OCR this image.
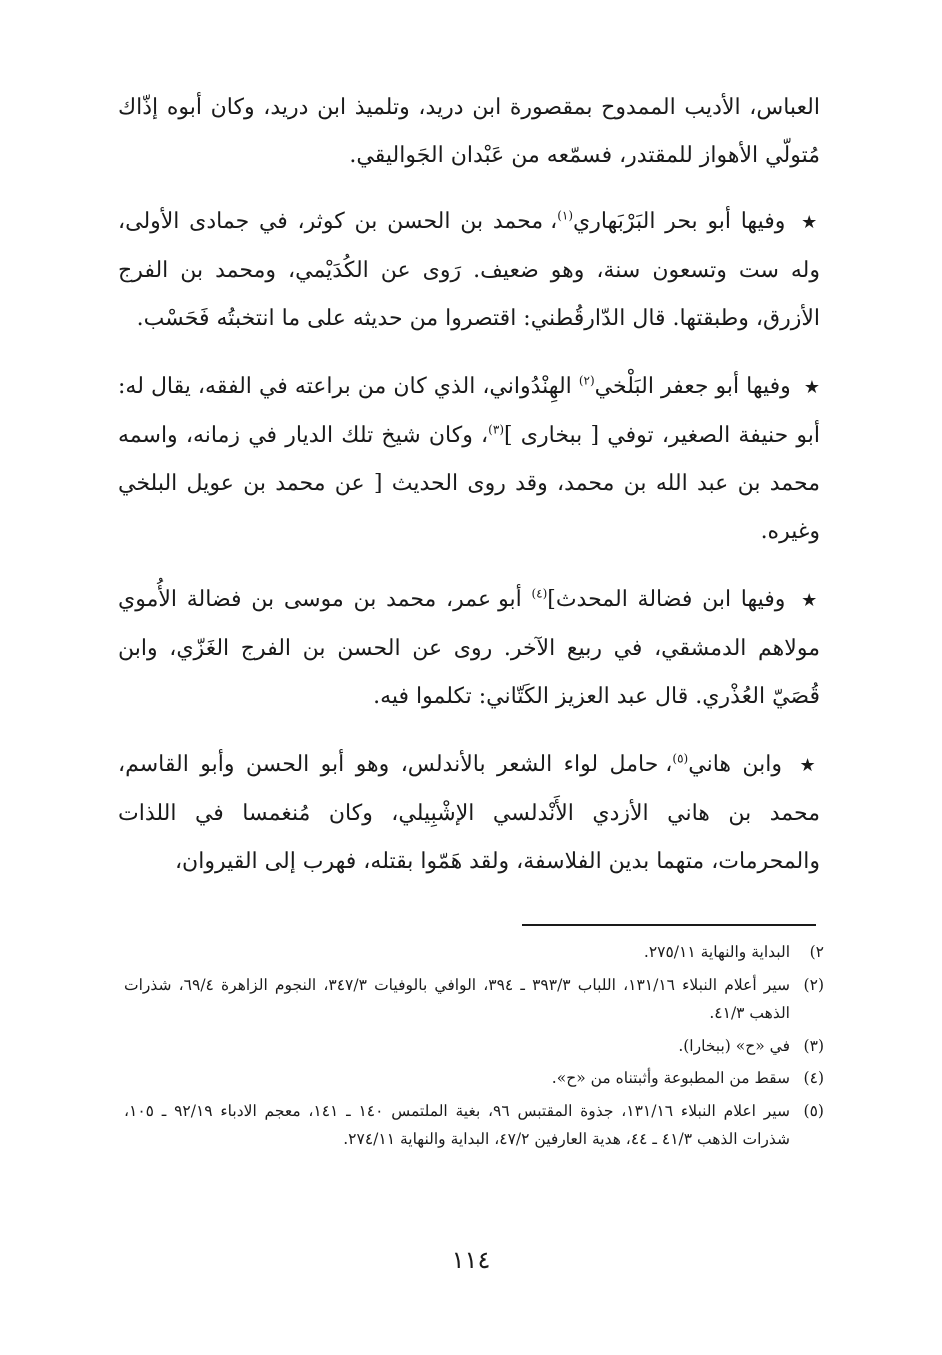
العباس، الأديب الممدوح بمقصورة ابن دريد، وتلميذ ابن دريد، وكان أبوه إذّاك مُتولّي الأهواز للمقتدر، فسمّعه من عَبْدان الجَواليقي.

★ وفيها أبو بحر البَرْبَهاري$^{(١)}$، محمد بن الحسن بن كوثر، في جمادى الأولى، وله ست وتسعون سنة، وهو ضعيف. رَوى عن الكُدَيْمي، ومحمد بن الفرج الأزرق، وطبقتها. قال الدّارقُطني: اقتصروا من حديثه على ما انتخبتُه فَحَسْب.

★ وفيها أبو جعفر البَلْخي$^{(٢)}$ الهِنْدُواني، الذي كان من براعته في الفقه، يقال له: أبو حنيفة الصغير، توفي [ ببخارى ]$^{(٣)}$، وكان شيخ تلك الديار في زمانه، واسمه محمد بن عبد الله بن محمد، وقد روى الحديث [ عن محمد بن عويل البلخي وغيره.

★ وفيها ابن فضالة المحدث]$^{(٤)}$ أبو عمر، محمد بن موسى بن فضالة الأُموي مولاهم الدمشقي، في ربيع الآخر. روى عن الحسن بن الفرج الغَزّي، وابن قُصَيّ العُذْري. قال عبد العزيز الكَتّاني: تكلموا فيه.

★ وابن هاني$^{(٥)}$، حامل لواء الشعر بالأندلس، وهو أبو الحسن وأبو القاسم، محمد بن هاني الأزدي الأَنْدلسي الإشْبِيلي، وكان مُنغمسا في اللذات والمحرمات، متهما بدين الفلاسفة، ولقد هَمّوا بقتله، فهرب إلى القيروان،

٢)البداية والنهاية ٢٧٥/١١.
(٢)سير أعلام النبلاء ١٣١/١٦، اللباب ٣٩٣/٣ ـ ٣٩٤، الوافي بالوفيات ٣٤٧/٣، النجوم الزاهرة ٦٩/٤، شذرات الذهب ٤١/٣.
(٣)في «ح» (ببخارا).
(٤)سقط من المطبوعة وأثبتناه من «ح».
(٥)سير اعلام النبلاء ١٣١/١٦، جذوة المقتبس ٩٦، بغية الملتمس ١٤٠ ـ ١٤١، معجم الادباء ٩٢/١٩ ـ ١٠٥، شذرات الذهب ٤١/٣ ـ ٤٤، هدية العارفين ٤٧/٢، البداية والنهاية ٢٧٤/١١.
١١٤
